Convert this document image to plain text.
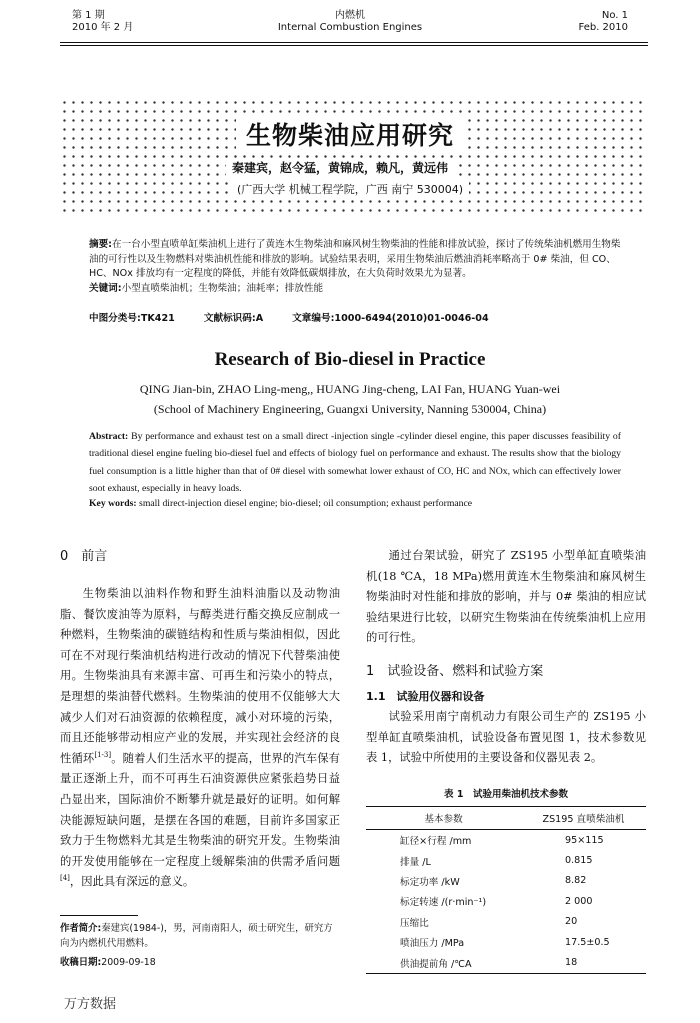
第 1 期
2010 年 2 月
内燃机
Internal Combustion Engines
No. 1
Feb. 2010
生物柴油应用研究
秦建宾，赵令猛，黄锦成，赖凡，黄远伟
(广西大学 机械工程学院，广西 南宁 530004)
摘要:在一台小型直喷单缸柴油机上进行了黄连木生物柴油和麻风树生物柴油的性能和排放试验，探讨了传统柴油机燃用生物柴油的可行性以及生物燃料对柴油机性能和排放的影响。试验结果表明，采用生物柴油后燃油消耗率略高于 0# 柴油，但 CO、HC、NOx 排放均有一定程度的降低，并能有效降低碳烟排放，在大负荷时效果尤为显著。
关键词:小型直喷柴油机；生物柴油；油耗率；排放性能
中图分类号:TK421	文献标识码:A	文章编号:1000-6494(2010)01-0046-04
Research of Bio-diesel in Practice
QING Jian-bin, ZHAO Ling-meng,, HUANG Jing-cheng, LAI Fan, HUANG Yuan-wei
(School of Machinery Engineering, Guangxi University, Nanning 530004, China)
Abstract: By performance and exhaust test on a small direct -injection single -cylinder diesel engine, this paper discusses feasibility of traditional diesel engine fueling bio-diesel fuel and effects of biology fuel on performance and exhaust. The results show that the biology fuel consumption is a little higher than that of 0# diesel with somewhat lower exhaust of CO, HC and NOx, which can effectively lower soot exhaust, especially in heavy loads.
Key words: small direct-injection diesel engine; bio-diesel; oil consumption; exhaust performance
0　前言

生物柴油以油料作物和野生油料油脂以及动物油脂、餐饮废油等为原料，与醇类进行酯交换反应制成一种燃料，生物柴油的碳链结构和性质与柴油相似，因此可在不对现行柴油机结构进行改动的情况下代替柴油使用。生物柴油具有来源丰富、可再生和污染小的特点，是理想的柴油替代燃料。生物柴油的使用不仅能够大大减少人们对石油资源的依赖程度，减小对环境的污染，而且还能够带动相应产业的发展，并实现社会经济的良性循环[1-3]。随着人们生活水平的提高，世界的汽车保有量正逐渐上升，而不可再生石油资源供应紧张趋势日益凸显出来，国际油价不断攀升就是最好的证明。如何解决能源短缺问题，是摆在各国的难题，目前许多国家正致力于生物燃料尤其是生物柴油的研究开发。生物柴油的开发使用能够在一定程度上缓解柴油的供需矛盾问题[4]，因此具有深远的意义。

通过台架试验，研究了 ZS195 小型单缸直喷柴油机(18 ℃A，18 MPa)燃用黄连木生物柴油和麻风树生物柴油时对性能和排放的影响，并与 0# 柴油的相应试验结果进行比较，以研究生物柴油在传统柴油机上应用的可行性。

1　试验设备、燃料和试验方案
1.1　试验用仪器和设备

试验采用南宁南机动力有限公司生产的 ZS195 小型单缸直喷柴油机，试验设备布置见图 1，技术参数见表 1，试验中所使用的主要设备和仪器见表 2。

表 1　试验用柴油机技术参数
基本参数	ZS195 直喷柴油机
缸径×行程 /mm	95×115
排量 /L	0.815
标定功率 /kW	8.82
标定转速 /(r·min⁻¹)	2 000
压缩比	20
喷油压力 /MPa	17.5±0.5
供油提前角 /℃A	18
作者简介:秦建宾(1984-)，男，河南南阳人，硕士研究生，研究方向为内燃机代用燃料。
收稿日期:2009-09-18
万方数据
